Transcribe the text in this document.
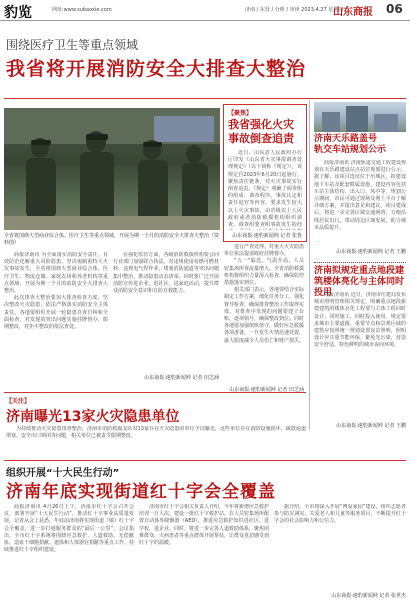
豹览	网址:www.subaoxie.com	济南 / 东营 / 分析 / 审读 2023.4.27 星期四
山东商报 06
围绕医疗卫生等重点领域
我省将开展消防安全大排查大整治
全省将围绕大型商业综合体、医疗卫生等重点领域，开展为期一个月的消防安全大排查大整治（资料图）

商报济南讯 为全面落实消防安全责任，有效防范化解重大风险隐患，坚决遏制重特大火灾事故发生，全省将围绕大型商业综合体、医疗卫生、物流仓储、家庭农场和养老机构等重点领域，开展为期一个月的消防安全大排查大整治。

此次排查大整治要加大排查检查力度，坚决整改火灾隐患，依法严格落实消防安全主体责任。各地要组织开展一轮隐患自查自纠和全面检查，对发现的突出问题实施挂牌督办、限期整改，对拒不整改的依法查处。

在强化监管方面，各级消防救援机构要会同行业部门加强联合执法，对违规使用易燃可燃材料、违规电气焊作业、堵塞消防通道等突出问题集中整治，推动隐患动态清零。同时要广泛开展消防宣传进企业、进社区、进家庭活动，提升群众消防安全意识和自防自救能力。

山东商报·速豹新闻网 记者 田芝涵

进行严查处理。对重大火灾隐患单位依法提请政府挂牌督办。

“五一”临近，气温升高，人员密集场所客流量增大，全省消防救援机构将组织力量深入检查，确保防控措施落实到位。

相关部门表示，各地要结合实际制定工作方案，细化任务分工，强化督导检查，确保排查整治工作取得实效。对排查中发现的问题要建立台账、逐项销号，确保整改到位。同时各地要加强值班值守，做好应急救援各项准备，一旦发生火情迅速处置，最大限度减少人员伤亡和财产损失。

山东商报·速豹新闻网 记者 田芝涵
【聚焦】
我省强化火灾事故倒查追责

近日，山东省人民政府办公厅印发《山东省火灾事故调查处理规定》（以下简称《规定》），该规定自2023年6月20日起施行，聚焦责任链条，对火灾事故实行倒查追责。《规定》明确了调查组的组成、调查程序、事故认定和责任追究等内容，要求发生较大以上火灾事故，由省级以上人民政府或者消防救援机构组织调查。调查组要查明事故发生的经

山东商报·速豹新闻网 记者 张鲁
济南天乐路盖号
轨交车站规划公示

商报济南讯 济南轨道交通工程建设规划在天乐路建设站点站位规划进行公示。据了解，该项目选址位于历城区，拟建设地下车站及配套附属设施，建设内容包括车站主体结构、出入口、风亭等。规划公示期间，市民可通过现场及网上平台了解详细方案，并提出意见和建议。项目建成后，将进一步完善区域交通网络，方便沿线居民出行，带动周边区域发展，助力城市品质提升。

山东商报·速豹新闻网 记者 王鹏
济南拟规定重点地段建筑楼体亮化与主体同时投用

商报济南讯 近日，济南市住建局发布城市照明管理相关规定，明确重点地段新建建筑的楼体亮化工程要与主体工程同时设计、同时施工、同时投入使用。规定要求城市主要道路、重要节点和景观区域的建筑应按照统一规划设置夜景照明，照明设计应注重节能环保，避免光污染，营造安全舒适、特色鲜明的城市夜间环境。

山东商报·速豹新闻网 记者 王鹏
【关注】
济南曝光13家火灾隐患单位

为持续推动火灾隐患排查整治，济南市消防救援支队对13家存在火灾隐患的单位予以曝光，这些单位存在消防设施损坏、疏散通道堵塞、安全出口锁闭等问题，相关单位已被责令限期整改。

组织开展“十大民生行动”
济南年底实现街道红十字会全覆盖

商报济南讯 4月26日上午，济南市红十字会召开会议，部署开展“十大民生行动”，推动红十字事业高质量发展。记者从会上获悉，年底前济南将实现街道（镇）红十字会全覆盖，进一步打通服务群众的“最后一公里”。会议指出，全市红十字系统将围绕应急救护、人道救助、无偿献血、造血干细胞捐献、遗体和人体器官捐献等重点工作，持续推进红十字组织建设。

济南市红十字会相关负责人介绍，今年将新增应急救护培训一万人次，建设一批红十字救护站，在人员密集场所配置自动体外除颤器（AED），推进应急救护知识进社区、进学校、进企业。同时，将进一步完善人道救助体系，聚焦困难群众、大病患者等重点群体开展帮扶，让群众真切感受到红十字的温暖。

据介绍，全市将深入开展“博爱家园”建设，组织志愿者参与防灾减灾、关爱老人和儿童等服务项目，不断提升红十字会的社会影响力和公信力。

山东商报·速豹新闻网 记者 张世杰
